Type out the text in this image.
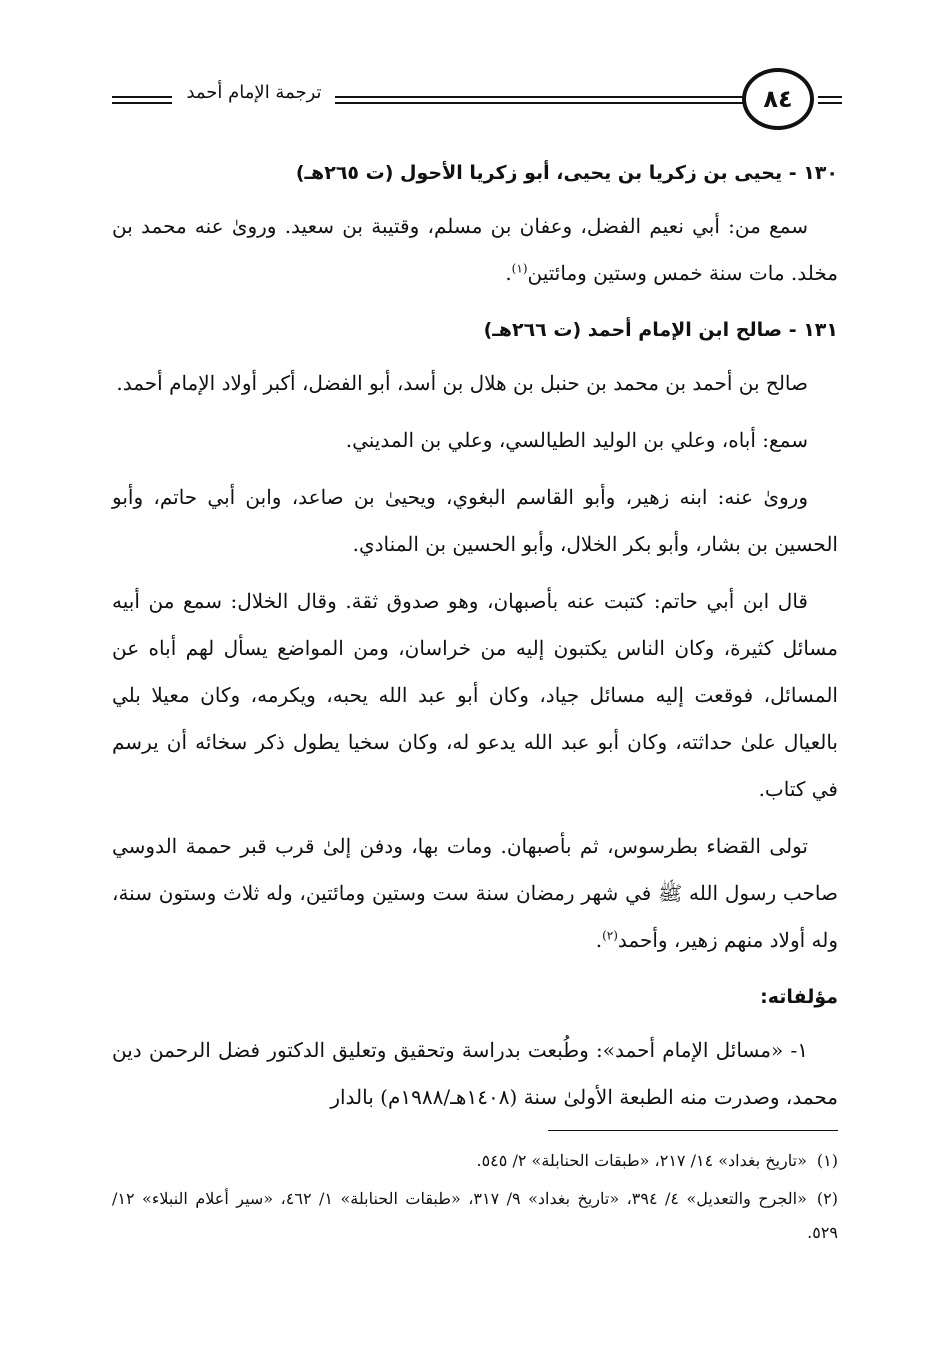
ترجمة الإمام أحمد	٨٤

١٣٠ - يحيى بن زكريا بن يحيى، أبو زكريا الأحول (ت ٢٦٥هـ)

سمع من: أبي نعيم الفضل، وعفان بن مسلم، وقتيبة بن سعيد. وروىٰ عنه محمد بن مخلد. مات سنة خمس وستين ومائتين$^{(١)}$.

١٣١ - صالح ابن الإمام أحمد (ت ٢٦٦هـ)

صالح بن أحمد بن محمد بن حنبل بن هلال بن أسد، أبو الفضل، أكبر أولاد الإمام أحمد.

سمع: أباه، وعلي بن الوليد الطيالسي، وعلي بن المديني.

وروىٰ عنه: ابنه زهير، وأبو القاسم البغوي، ويحيىٰ بن صاعد، وابن أبي حاتم، وأبو الحسين بن بشار، وأبو بكر الخلال، وأبو الحسين بن المنادي.

قال ابن أبي حاتم: كتبت عنه بأصبهان، وهو صدوق ثقة. وقال الخلال: سمع من أبيه مسائل كثيرة، وكان الناس يكتبون إليه من خراسان، ومن المواضع يسأل لهم أباه عن المسائل، فوقعت إليه مسائل جياد، وكان أبو عبد الله يحبه، ويكرمه، وكان معيلا بلي بالعيال علىٰ حداثته، وكان أبو عبد الله يدعو له، وكان سخيا يطول ذكر سخائه أن يرسم في كتاب.

تولى القضاء بطرسوس، ثم بأصبهان. ومات بها، ودفن إلىٰ قرب قبر حممة الدوسي صاحب رسول الله ﷺ في شهر رمضان سنة ست وستين ومائتين، وله ثلاث وستون سنة، وله أولاد منهم زهير، وأحمد$^{(٢)}$.

مؤلفاته:

١- «مسائل الإمام أحمد»: وطُبعت بدراسة وتحقيق وتعليق الدكتور فضل الرحمن دين محمد، وصدرت منه الطبعة الأولىٰ سنة (١٤٠٨هـ/١٩٨٨م) بالدار

(١)«تاريخ بغداد» ١٤/ ٢١٧، «طبقات الحنابلة» ٢/ ٥٤٥.

(٢)«الجرح والتعديل» ٤/ ٣٩٤، «تاريخ بغداد» ٩/ ٣١٧، «طبقات الحنابلة» ١/ ٤٦٢، «سير أعلام النبلاء» ١٢/ ٥٢٩.
